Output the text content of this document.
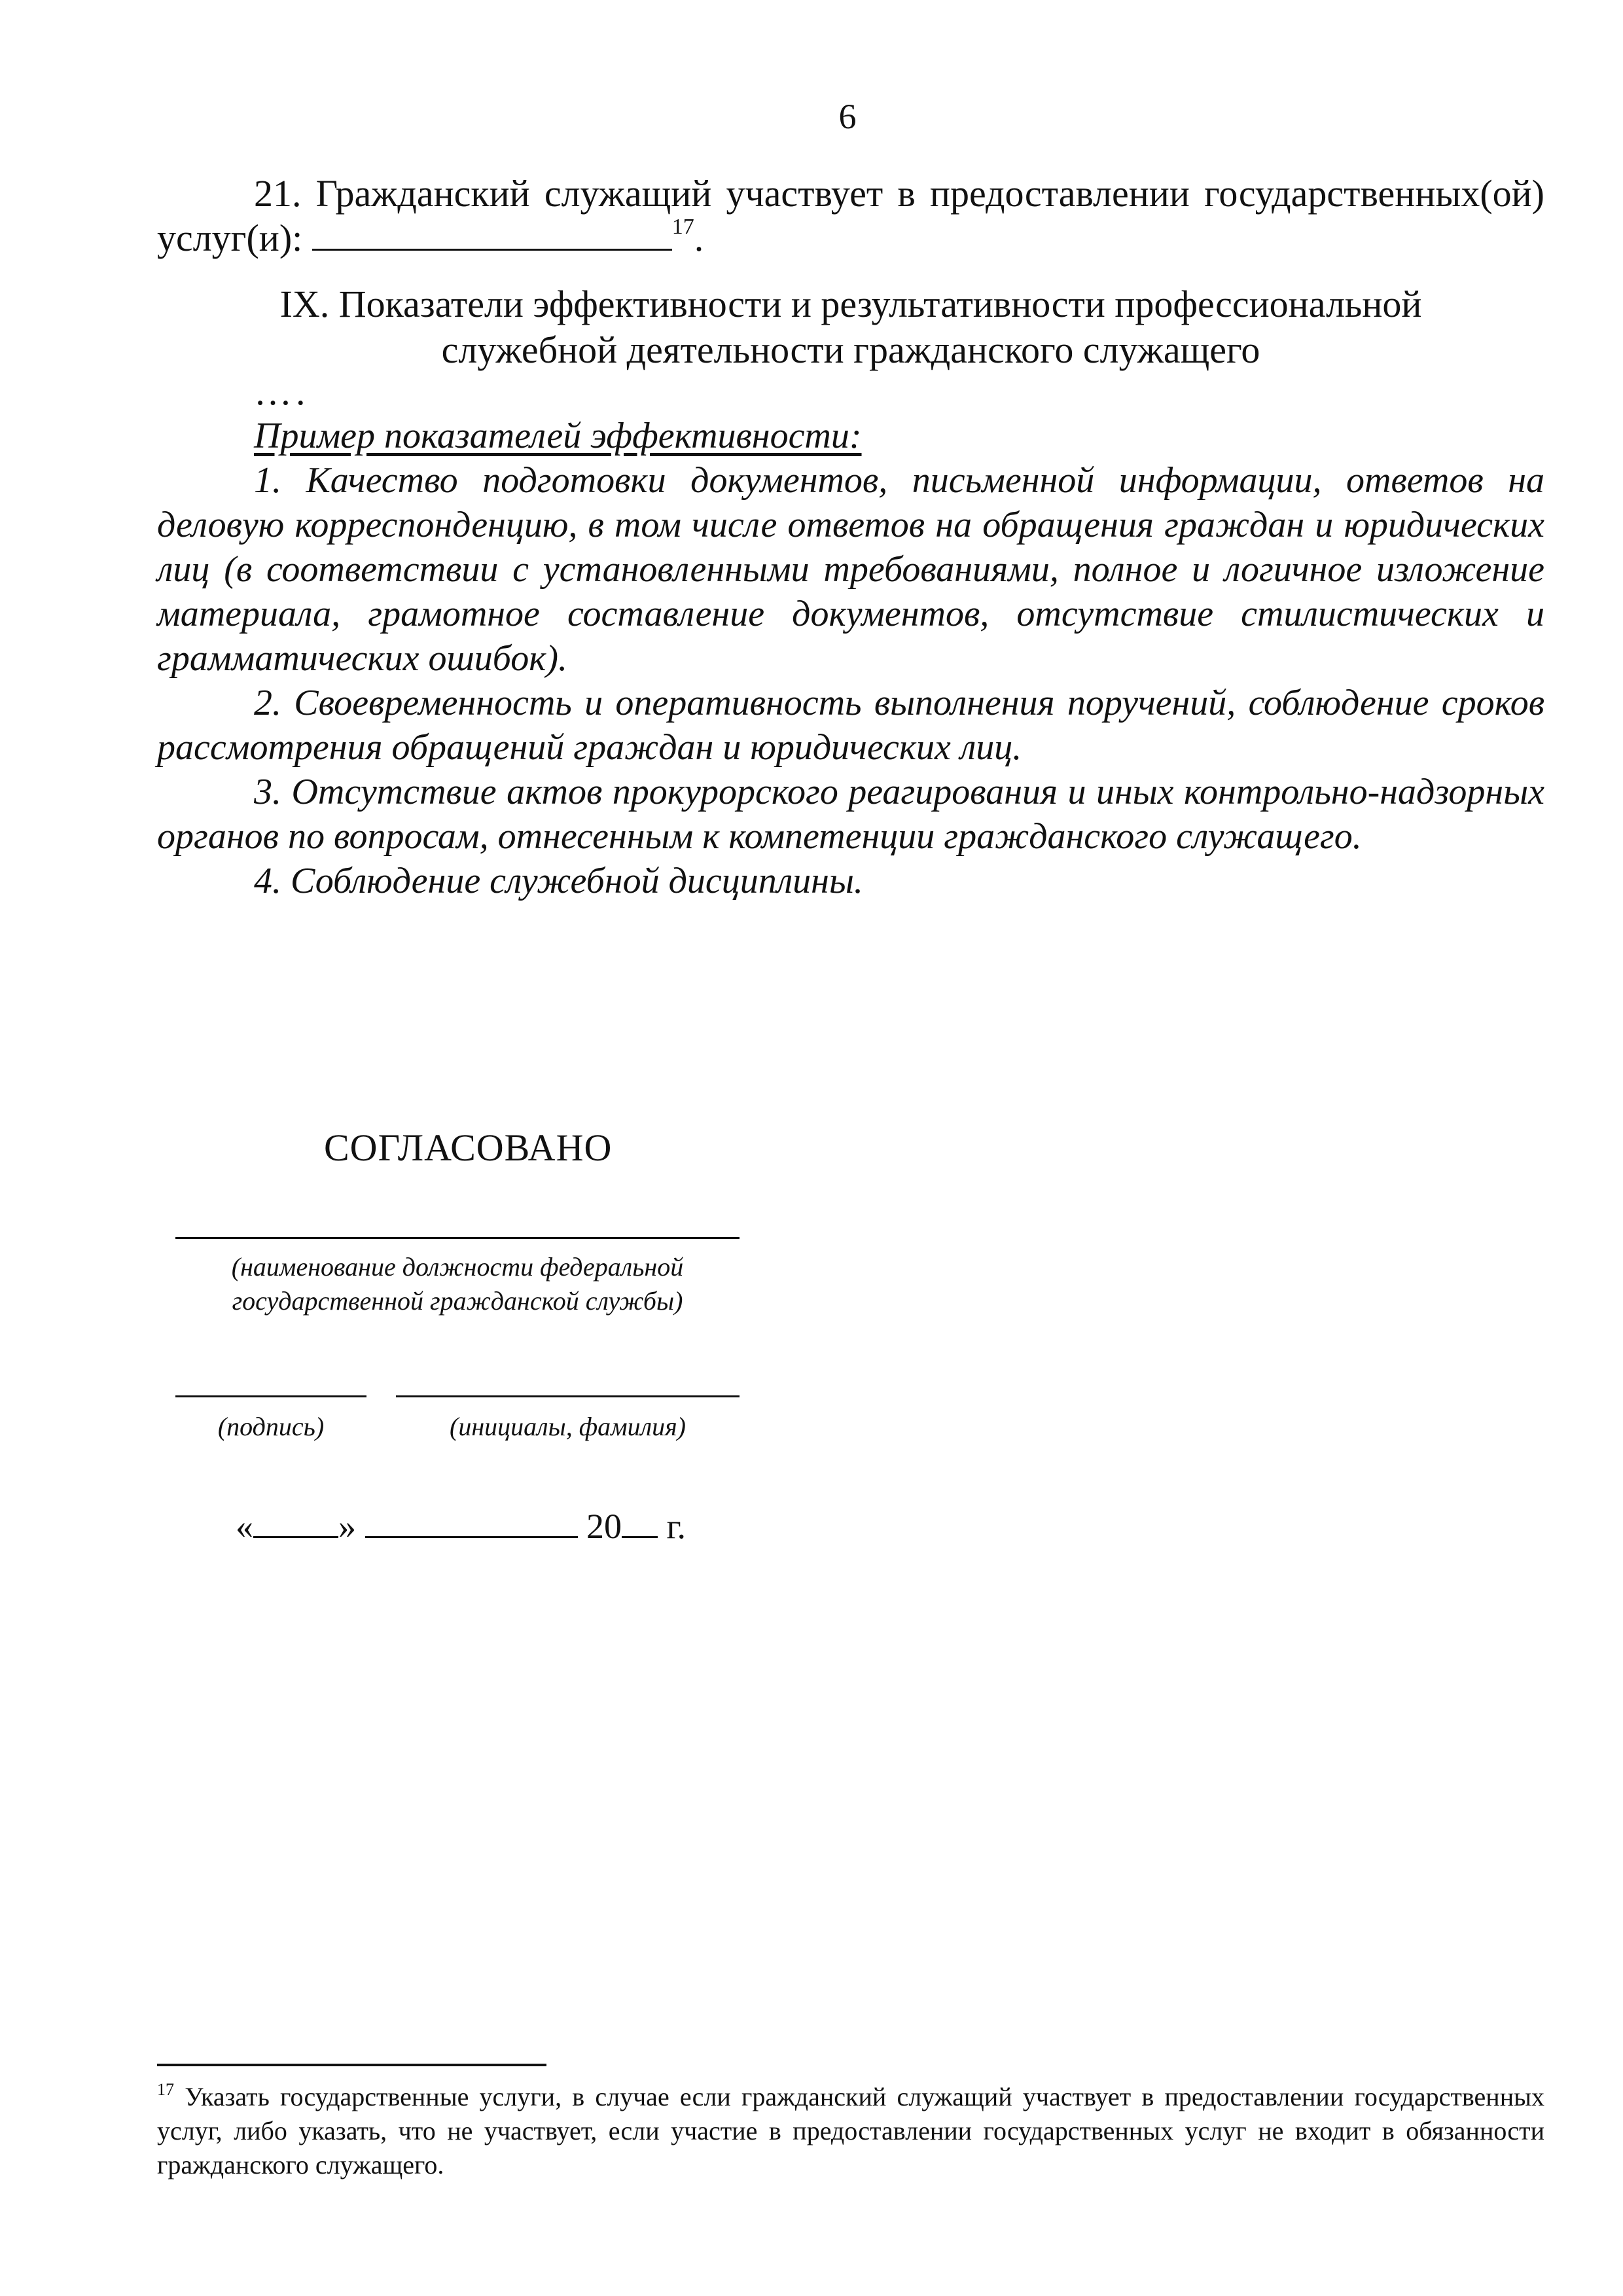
6
21. Гражданский служащий участвует в предоставлении государственных(ой) услуг(и):	$^{17}$.
IX. Показатели эффективности и результативности профессиональной
служебной деятельности гражданского служащего
….

Пример показателей эффективности:

1. Качество подготовки документов, письменной информации, ответов на деловую корреспонденцию, в том числе ответов на обращения граждан и юридических лиц (в соответствии с установленными требованиями, полное и логичное изложение материала, грамотное составление документов, отсутствие стилистических и грамматических ошибок).

2. Своевременность и оперативность выполнения поручений, соблюдение сроков рассмотрения обращений граждан и юридических лиц.

3. Отсутствие актов прокурорского реагирования и иных контрольно-надзорных органов по вопросам, отнесенным к компетенции гражданского служащего.

4. Соблюдение служебной дисциплины.

СОГЛАСОВАНО
(наименование должности федеральной
государственной гражданской службы)
(подпись)	(инициалы, фамилия)
« »	20 г.
$^{17}$ Указать государственные услуги, в случае если гражданский служащий участвует в предоставлении государственных услуг, либо указать, что не участвует, если участие в предоставлении государственных услуг не входит в обязанности гражданского служащего.
